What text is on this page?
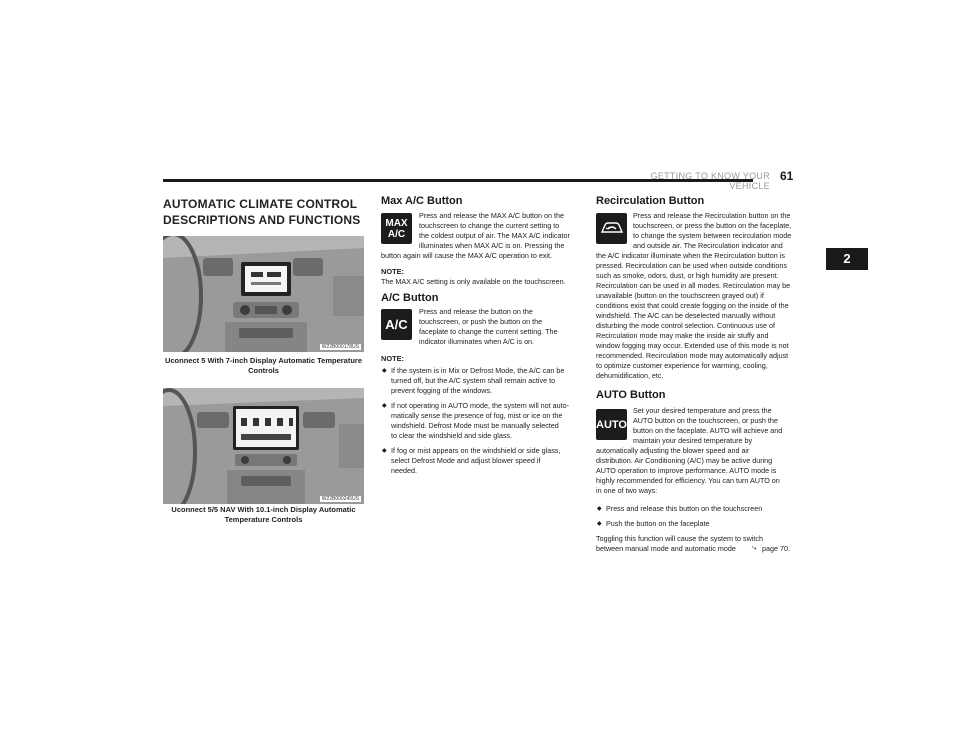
GETTING TO KNOW YOUR VEHICLE
61
2
AUTOMATIC CLIMATE CONTROL
DESCRIPTIONS AND FUNCTIONS
W22B000178US
Uconnect 5 With 7-inch Display Automatic Temperature
Controls
W22B000245US
Uconnect 5/5 NAV With 10.1-inch Display Automatic
Temperature Controls
Max A/C Button
MAX
A/C
Press and release the MAX A/C button on the
touchscreen to change the current setting to
the coldest output of air. The MAX A/C indicator
illuminates when MAX A/C is on. Pressing the
button again will cause the MAX A/C operation to exit.
NOTE:
The MAX A/C setting is only available on the touchscreen.
A/C Button
A/C
Press and release the button on the
touchscreen, or push the button on the
faceplate to change the current setting. The
indicator illuminates when A/C is on.
NOTE:
◆ If the system is in Mix or Defrost Mode, the A/C can be
turned off, but the A/C system shall remain active to
prevent fogging of the windows.
◆ If not operating in AUTO mode, the system will not auto-
matically sense the presence of fog, mist or ice on the
windshield. Defrost Mode must be manually selected
to clear the windshield and side glass.
◆ If fog or mist appears on the windshield or side glass,
select Defrost Mode and adjust blower speed if
needed.
Recirculation Button
Press and release the Recirculation button on the
touchscreen, or press the button on the faceplate,
to change the system between recirculation mode
and outside air. The Recirculation indicator and
the A/C indicator illuminate when the Recirculation button is
pressed. Recirculation can be used when outside conditions
such as smoke, odors, dust, or high humidity are present.
Recirculation can be used in all modes. Recirculation may be
unavailable (button on the touchscreen grayed out) if
conditions exist that could create fogging on the inside of the
windshield. The A/C can be deselected manually without
disturbing the mode control selection. Continuous use of
Recirculation mode may make the inside air stuffy and
window fogging may occur. Extended use of this mode is not
recommended. Recirculation mode may automatically adjust
to optimize customer experience for warming, cooling,
dehumidification, etc.
AUTO Button
AUTO
Set your desired temperature and press the
AUTO button on the touchscreen, or push the
button on the faceplate. AUTO will achieve and
maintain your desired temperature by
automatically adjusting the blower speed and air
distribution. Air Conditioning (A/C) may be active during
AUTO operation to improve performance. AUTO mode is
highly recommended for efficiency. You can turn AUTO on
in one of two ways:
◆ Press and release this button on the touchscreen
◆ Push the button on the faceplate
Toggling this function will cause the system to switch
between manual mode and automatic mode ⤷ page 70.
